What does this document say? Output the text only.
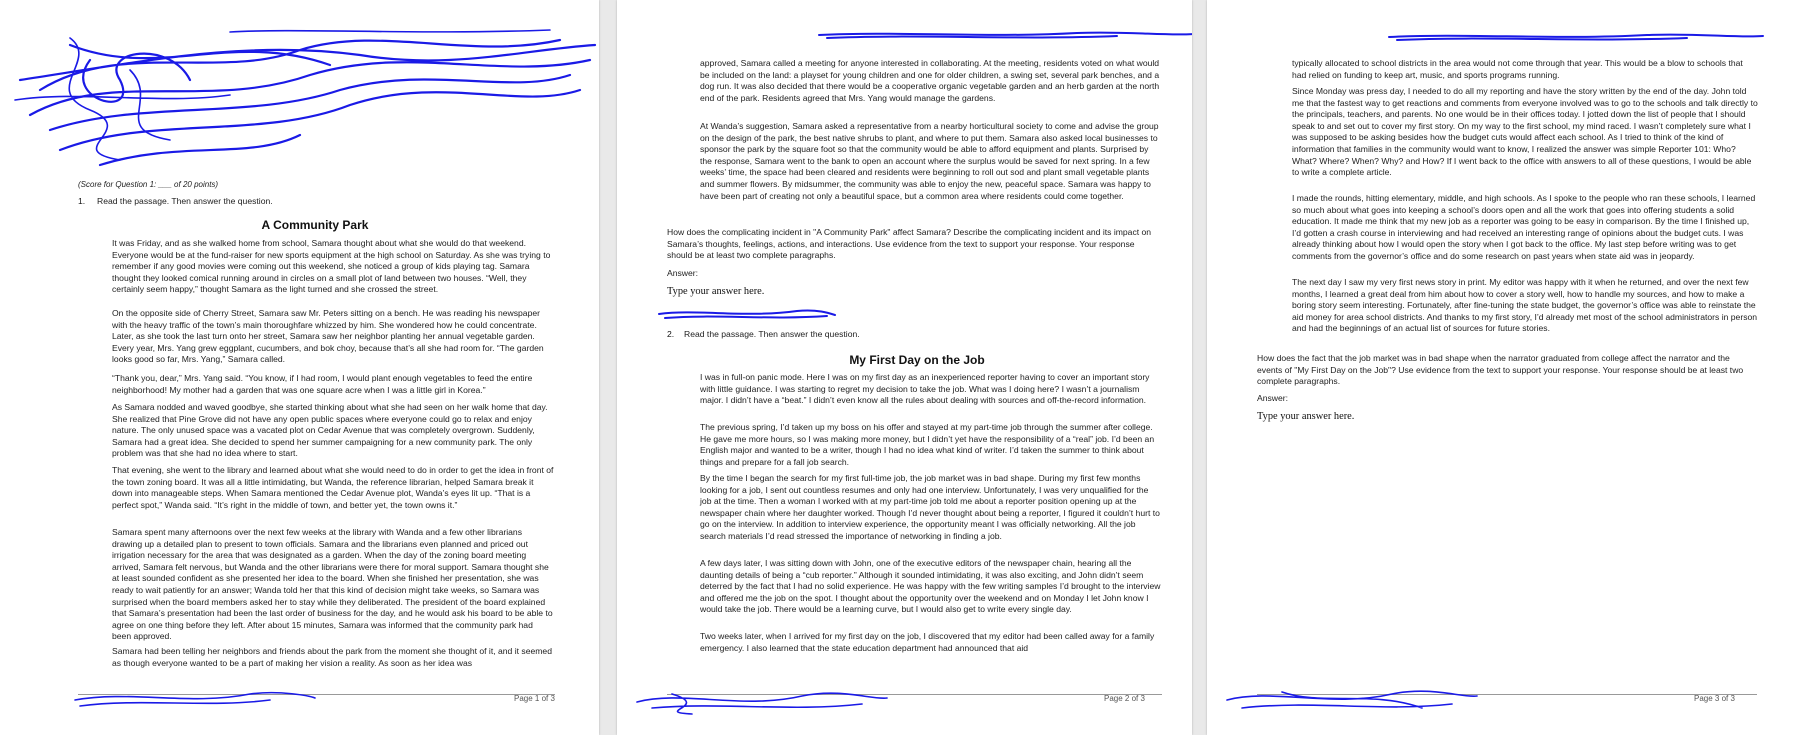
(Score for Question 1: ___ of 20 points)

1. Read the passage. Then answer the question.

A Community Park

It was Friday, and as she walked home from school, Samara thought about what she would do that weekend. Everyone would be at the fund-raiser for new sports equipment at the high school on Saturday. As she was trying to remember if any good movies were coming out this weekend, she noticed a group of kids playing tag. Samara thought they looked comical running around in circles on a small plot of land between two houses. “Well, they certainly seem happy,” thought Samara as the light turned and she crossed the street.

On the opposite side of Cherry Street, Samara saw Mr. Peters sitting on a bench. He was reading his newspaper with the heavy traffic of the town’s main thoroughfare whizzed by him. She wondered how he could concentrate. Later, as she took the last turn onto her street, Samara saw her neighbor planting her annual vegetable garden. Every year, Mrs. Yang grew eggplant, cucumbers, and bok choy, because that’s all she had room for. “The garden looks good so far, Mrs. Yang,” Samara called.

“Thank you, dear,” Mrs. Yang said. “You know, if I had room, I would plant enough vegetables to feed the entire neighborhood! My mother had a garden that was one square acre when I was a little girl in Korea.”

As Samara nodded and waved goodbye, she started thinking about what she had seen on her walk home that day. She realized that Pine Grove did not have any open public spaces where everyone could go to relax and enjoy nature. The only unused space was a vacated plot on Cedar Avenue that was completely overgrown. Suddenly, Samara had a great idea. She decided to spend her summer campaigning for a new community park. The only problem was that she had no idea where to start.

That evening, she went to the library and learned about what she would need to do in order to get the idea in front of the town zoning board. It was all a little intimidating, but Wanda, the reference librarian, helped Samara break it down into manageable steps. When Samara mentioned the Cedar Avenue plot, Wanda’s eyes lit up. “That is a perfect spot,” Wanda said. “It’s right in the middle of town, and better yet, the town owns it.”

Samara spent many afternoons over the next few weeks at the library with Wanda and a few other librarians drawing up a detailed plan to present to town officials. Samara and the librarians even planned and priced out irrigation necessary for the area that was designated as a garden. When the day of the zoning board meeting arrived, Samara felt nervous, but Wanda and the other librarians were there for moral support. Samara thought she at least sounded confident as she presented her idea to the board. When she finished her presentation, she was ready to wait patiently for an answer; Wanda told her that this kind of decision might take weeks, so Samara was surprised when the board members asked her to stay while they deliberated. The president of the board explained that Samara’s presentation had been the last order of business for the day, and he would ask his board to be able to agree on one thing before they left. After about 15 minutes, Samara was informed that the community park had been approved.

Samara had been telling her neighbors and friends about the park from the moment she thought of it, and it seemed as though everyone wanted to be a part of making her vision a reality. As soon as her idea was

Page 1 of 3

approved, Samara called a meeting for anyone interested in collaborating. At the meeting, residents voted on what would be included on the land: a playset for young children and one for older children, a swing set, several park benches, and a dog run. It was also decided that there would be a cooperative organic vegetable garden and an herb garden at the north end of the park. Residents agreed that Mrs. Yang would manage the gardens.

At Wanda’s suggestion, Samara asked a representative from a nearby horticultural society to come and advise the group on the design of the park, the best native shrubs to plant, and where to put them. Samara also asked local businesses to sponsor the park by the square foot so that the community would be able to afford equipment and plants. Surprised by the response, Samara went to the bank to open an account where the surplus would be saved for next spring. In a few weeks’ time, the space had been cleared and residents were beginning to roll out sod and plant small vegetable plants and summer flowers. By midsummer, the community was able to enjoy the new, peaceful space. Samara was happy to have been part of creating not only a beautiful space, but a common area where residents could come together.

How does the complicating incident in "A Community Park" affect Samara? Describe the complicating incident and its impact on Samara’s thoughts, feelings, actions, and interactions. Use evidence from the text to support your response. Your response should be at least two complete paragraphs.

Answer:

Type your answer here.

2. Read the passage. Then answer the question.

My First Day on the Job

I was in full-on panic mode. Here I was on my first day as an inexperienced reporter having to cover an important story with little guidance. I was starting to regret my decision to take the job. What was I doing here? I wasn’t a journalism major. I didn’t have a “beat.” I didn’t even know all the rules about dealing with sources and off-the-record information.

The previous spring, I’d taken up my boss on his offer and stayed at my part-time job through the summer after college. He gave me more hours, so I was making more money, but I didn’t yet have the responsibility of a “real” job. I’d been an English major and wanted to be a writer, though I had no idea what kind of writer. I’d taken the summer to think about things and prepare for a fall job search.

By the time I began the search for my first full-time job, the job market was in bad shape. During my first few months looking for a job, I sent out countless resumes and only had one interview. Unfortunately, I was very unqualified for the job at the time. Then a woman I worked with at my part-time job told me about a reporter position opening up at the newspaper chain where her daughter worked. Though I’d never thought about being a reporter, I figured it couldn’t hurt to go on the interview. In addition to interview experience, the opportunity meant I was officially networking. All the job search materials I’d read stressed the importance of networking in finding a job.

A few days later, I was sitting down with John, one of the executive editors of the newspaper chain, hearing all the daunting details of being a “cub reporter.” Although it sounded intimidating, it was also exciting, and John didn’t seem deterred by the fact that I had no solid experience. He was happy with the few writing samples I’d brought to the interview and offered me the job on the spot. I thought about the opportunity over the weekend and on Monday I let John know I would take the job. There would be a learning curve, but I would also get to write every single day.

Two weeks later, when I arrived for my first day on the job, I discovered that my editor had been called away for a family emergency. I also learned that the state education department had announced that aid

Page 2 of 3

typically allocated to school districts in the area would not come through that year. This would be a blow to schools that had relied on funding to keep art, music, and sports programs running.

Since Monday was press day, I needed to do all my reporting and have the story written by the end of the day. John told me that the fastest way to get reactions and comments from everyone involved was to go to the schools and talk directly to the principals, teachers, and parents. No one would be in their offices today. I jotted down the list of people that I should speak to and set out to cover my first story. On my way to the first school, my mind raced. I wasn’t completely sure what I was supposed to be asking besides how the budget cuts would affect each school. As I tried to think of the kind of information that families in the community would want to know, I realized the answer was simple Reporter 101: Who? What? Where? When? Why? and How? If I went back to the office with answers to all of these questions, I would be able to write a complete article.

I made the rounds, hitting elementary, middle, and high schools. As I spoke to the people who ran these schools, I learned so much about what goes into keeping a school’s doors open and all the work that goes into offering students a solid education. It made me think that my new job as a reporter was going to be easy in comparison. By the time I finished up, I’d gotten a crash course in interviewing and had received an interesting range of opinions about the budget cuts. I was already thinking about how I would open the story when I got back to the office. My last step before writing was to get comments from the governor’s office and do some research on past years when state aid was in jeopardy.

The next day I saw my very first news story in print. My editor was happy with it when he returned, and over the next few months, I learned a great deal from him about how to cover a story well, how to handle my sources, and how to make a boring story seem interesting. Fortunately, after fine-tuning the state budget, the governor’s office was able to reinstate the aid money for area school districts. And thanks to my first story, I’d already met most of the school administrators in person and had the beginnings of an actual list of sources for future stories.

How does the fact that the job market was in bad shape when the narrator graduated from college affect the narrator and the events of "My First Day on the Job"? Use evidence from the text to support your response. Your response should be at least two complete paragraphs.

Answer:

Type your answer here.

Page 3 of 3
